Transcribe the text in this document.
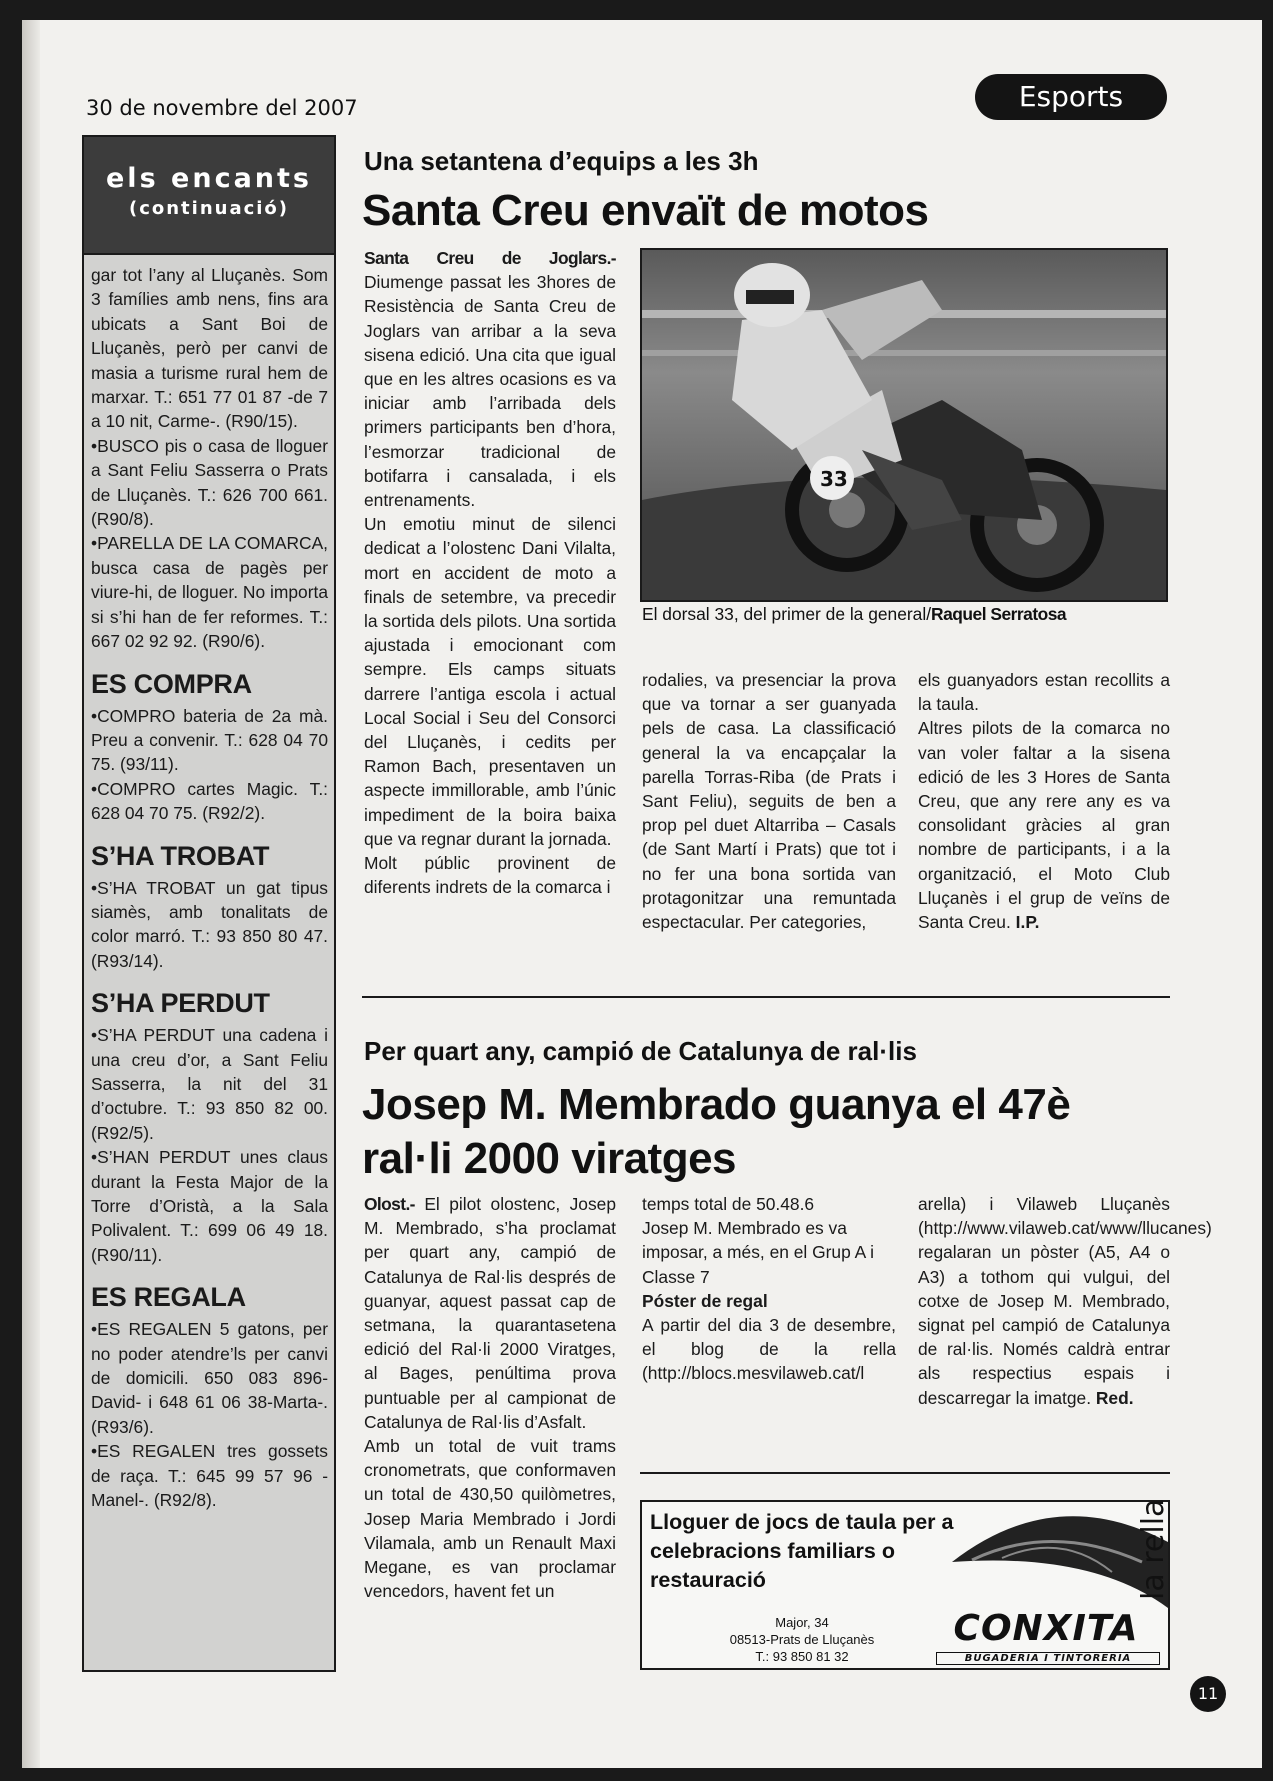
30 de novembre del 2007	Esports
els encants
(continuació)

gar tot l’any al Lluçanès. Som 3 famílies amb nens, fins ara ubicats a Sant Boi de Lluçanès, però per canvi de masia a turisme rural hem de marxar. T.: 651 77 01 87 -de 7 a 10 nit, Carme-. (R90/15).

•BUSCO pis o casa de lloguer a Sant Feliu Sasserra o Prats de Lluçanès. T.: 626 700 661. (R90/8).

•PARELLA DE LA COMARCA, busca casa de pagès per viure-hi, de lloguer. No importa si s’hi han de fer reformes. T.: 667 02 92 92. (R90/6).

ES COMPRA

•COMPRO bateria de 2a mà. Preu a convenir. T.: 628 04 70 75. (93/11).

•COMPRO cartes Magic. T.: 628 04 70 75. (R92/2).

S’HA TROBAT

•S’HA TROBAT un gat tipus siamès, amb tonalitats de color marró. T.: 93 850 80 47. (R93/14).

S’HA PERDUT

•S’HA PERDUT una cadena i una creu d’or, a Sant Feliu Sasserra, la nit del 31 d’octubre. T.: 93 850 82 00. (R92/5).

•S’HAN PERDUT unes claus durant la Festa Major de la Torre d’Oristà, a la Sala Polivalent. T.: 699 06 49 18. (R90/11).

ES REGALA

•ES REGALEN 5 gatons, per no poder atendre’ls per canvi de domicili. 650 083 896-David- i 648 61 06 38-Marta-. (R93/6).

•ES REGALEN tres gossets de raça. T.: 645 99 57 96 -Manel-. (R92/8).

Una setantena d’equips a les 3h
Santa Creu envaït de motos

Santa Creu de Joglars.- Diumenge passat les 3hores de Resistència de Santa Creu de Joglars van arribar a la seva sisena edició. Una cita que igual que en les altres ocasions es va iniciar amb l’arribada dels primers participants ben d’hora, l’esmorzar tradicional de botifarra i cansalada, i els entrenaments.

Un emotiu minut de silenci dedicat a l’olostenc Dani Vilalta, mort en accident de moto a finals de setembre, va precedir la sortida dels pilots. Una sortida ajustada i emocionant com sempre. Els camps situats darrere l’antiga escola i actual Local Social i Seu del Consorci del Lluçanès, i cedits per Ramon Bach, presentaven un aspecte immillorable, amb l’únic impediment de la boira baixa que va regnar durant la jornada.

Molt públic provinent de diferents indrets de la comarca i

33
El dorsal 33, del primer de la general/Raquel Serratosa

rodalies, va presenciar la prova que va tornar a ser guanyada pels de casa. La classificació general la va encapçalar la parella Torras-Riba (de Prats i Sant Feliu), seguits de ben a prop pel duet Altarriba – Casals (de Sant Martí i Prats) que tot i no fer una bona sortida van protagonitzar una remuntada espectacular. Per categories,

els guanyadors estan recollits a la taula.

Altres pilots de la comarca no van voler faltar a la sisena edició de les 3 Hores de Santa Creu, que any rere any es va consolidant gràcies al gran nombre de participants, i a la organització, el Moto Club Lluçanès i el grup de veïns de Santa Creu. I.P.

Per quart any, campió de Catalunya de ral·lis
Josep M. Membrado guanya el 47è
ral·li 2000 viratges

Olost.- El pilot olostenc, Josep M. Membrado, s’ha proclamat per quart any, campió de Catalunya de Ral·lis després de guanyar, aquest passat cap de setmana, la quarantasetena edició del Ral·li 2000 Viratges, al Bages, penúltima prova puntuable per al campionat de Catalunya de Ral·lis d’Asfalt.

Amb un total de vuit trams cronometrats, que conformaven un total de 430,50 quilòmetres, Josep Maria Membrado i Jordi Vilamala, amb un Renault Maxi Megane, es van proclamar vencedors, havent fet un

temps total de 50.48.6

Josep M. Membrado es va imposar, a més, en el Grup A i Classe 7

Póster de regal

A partir del dia 3 de desembre, el blog de la rella (http://blocs.mesvilaweb.cat/l

arella) i Vilaweb Lluçanès (http://www.vilaweb.cat/www/llucanes) regalaran un pòster (A5, A4 o A3) a tothom qui vulgui, del cotxe de Josep M. Membrado, signat pel campió de Catalunya de ral·lis. Només caldrà entrar als respectius espais i descarregar la imatge. Red.

Lloguer de jocs de taula per a celebracions familiars o restauració
Major, 34
08513-Prats de Lluçanès
T.: 93 850 81 32
CONXITA
BUGADERIA I TINTORERIA
la rella
11
